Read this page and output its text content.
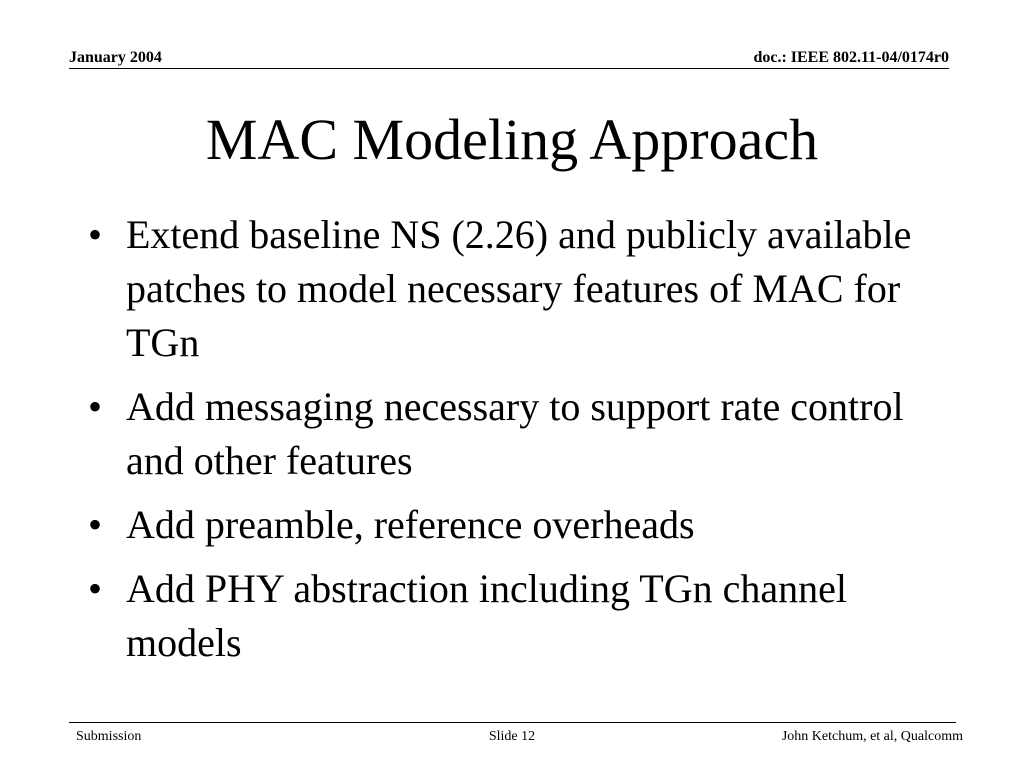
January 2004	doc.: IEEE 802.11-04/0174r0
MAC Modeling Approach
• Extend baseline NS (2.26) and publicly available patches to model necessary features of MAC for TGn
• Add messaging necessary to support rate control and other features
• Add preamble, reference overheads
• Add PHY abstraction including TGn channel models
Submission	Slide 12	John Ketchum, et al, Qualcomm
